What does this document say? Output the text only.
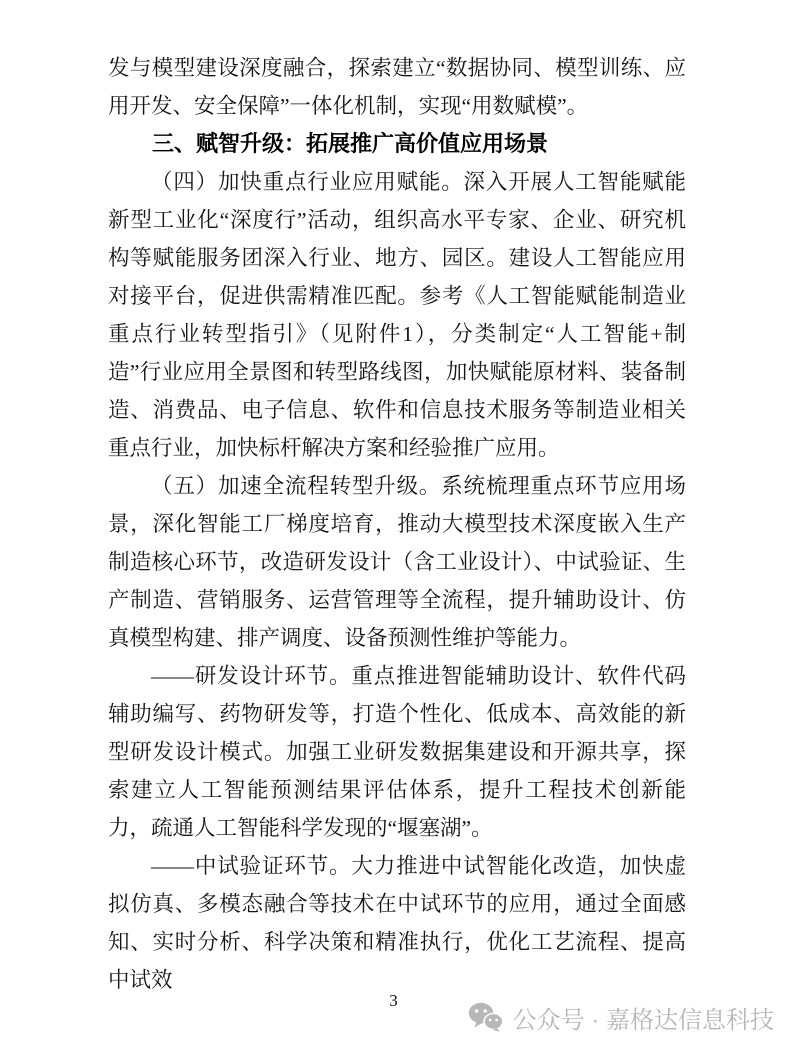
发与模型建设深度融合，探索建立“数据协同、模型训练、应用开发、安全保障”一体化机制，实现“用数赋模”。

三、赋智升级：拓展推广高价值应用场景

（四）加快重点行业应用赋能。深入开展人工智能赋能新型工业化“深度行”活动，组织高水平专家、企业、研究机构等赋能服务团深入行业、地方、园区。建设人工智能应用对接平台，促进供需精准匹配。参考《人工智能赋能制造业重点行业转型指引》（见附件1），分类制定“人工智能+制造”行业应用全景图和转型路线图，加快赋能原材料、装备制造、消费品、电子信息、软件和信息技术服务等制造业相关重点行业，加快标杆解决方案和经验推广应用。

（五）加速全流程转型升级。系统梳理重点环节应用场景，深化智能工厂梯度培育，推动大模型技术深度嵌入生产制造核心环节，改造研发设计（含工业设计）、中试验证、生产制造、营销服务、运营管理等全流程，提升辅助设计、仿真模型构建、排产调度、设备预测性维护等能力。

——研发设计环节。重点推进智能辅助设计、软件代码辅助编写、药物研发等，打造个性化、低成本、高效能的新型研发设计模式。加强工业研发数据集建设和开源共享，探索建立人工智能预测结果评估体系，提升工程技术创新能力，疏通人工智能科学发现的“堰塞湖”。

——中试验证环节。大力推进中试智能化改造，加快虚拟仿真、多模态融合等技术在中试环节的应用，通过全面感知、实时分析、科学决策和精准执行，优化工艺流程、提高中试效

3
公众号 · 嘉格达信息科技
